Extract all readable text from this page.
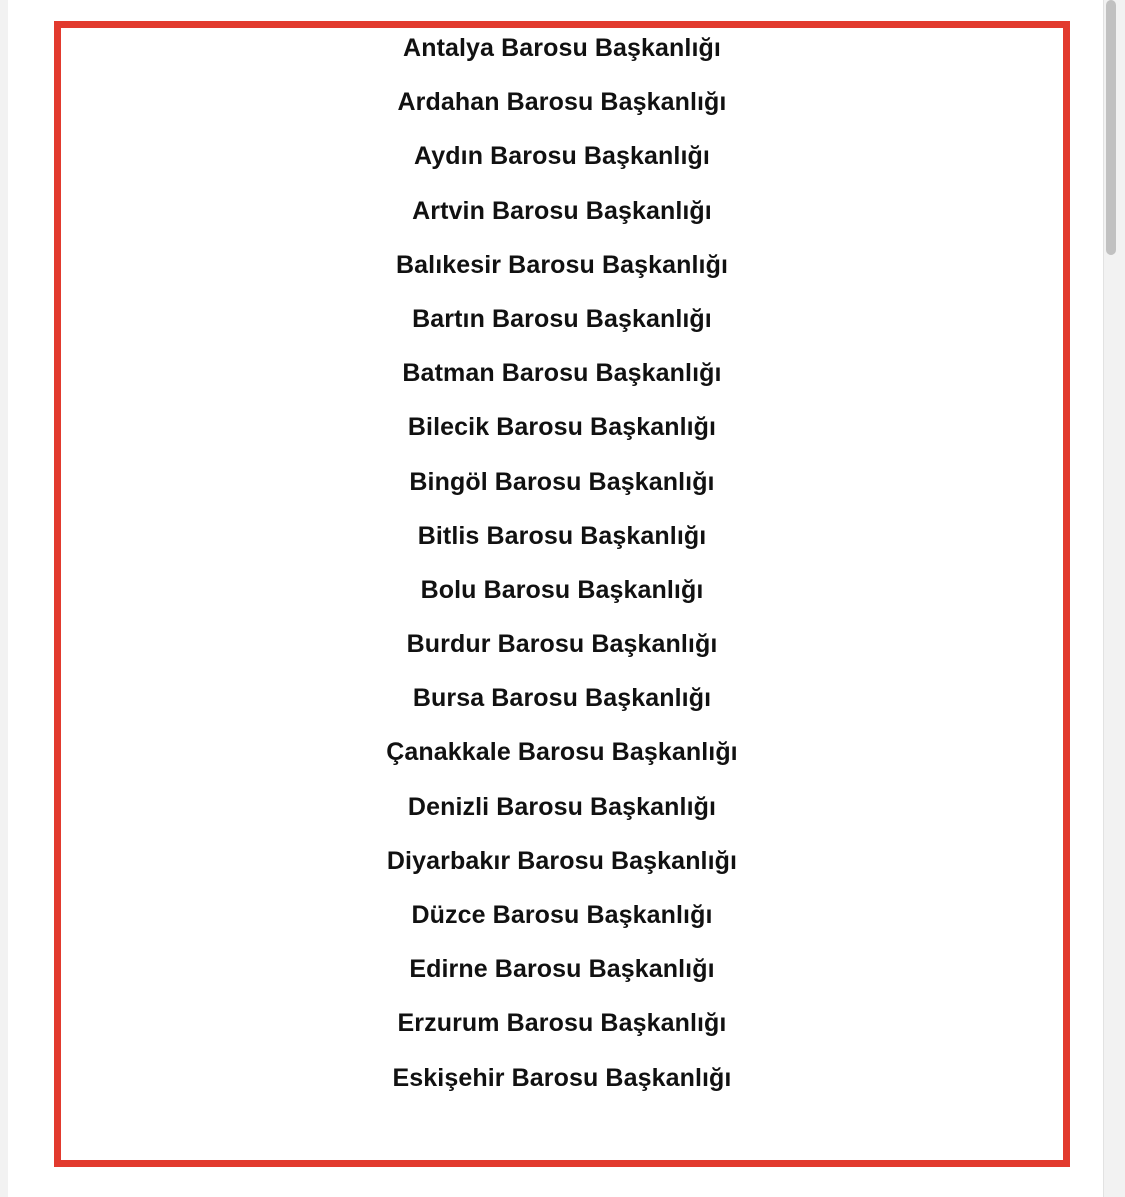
Antalya Barosu Başkanlığı
Ardahan Barosu Başkanlığı
Aydın Barosu Başkanlığı
Artvin Barosu Başkanlığı
Balıkesir Barosu Başkanlığı
Bartın Barosu Başkanlığı
Batman Barosu Başkanlığı
Bilecik Barosu Başkanlığı
Bingöl Barosu Başkanlığı
Bitlis Barosu Başkanlığı
Bolu Barosu Başkanlığı
Burdur Barosu Başkanlığı
Bursa Barosu Başkanlığı
Çanakkale Barosu Başkanlığı
Denizli Barosu Başkanlığı
Diyarbakır Barosu Başkanlığı
Düzce Barosu Başkanlığı
Edirne Barosu Başkanlığı
Erzurum Barosu Başkanlığı
Eskişehir Barosu Başkanlığı
